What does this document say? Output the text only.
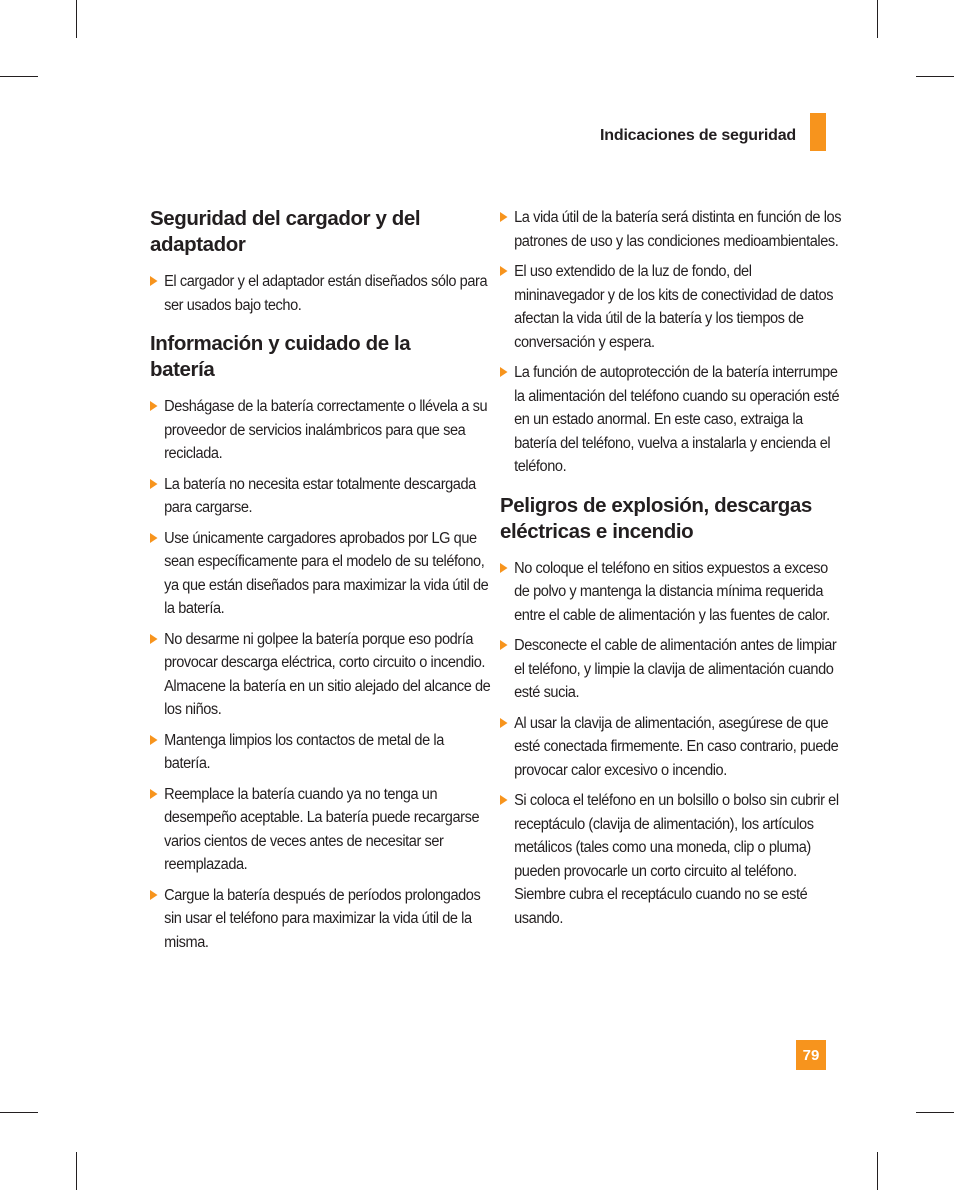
Indicaciones de seguridad
Seguridad del cargador y del adaptador
El cargador y el adaptador están diseñados sólo para ser usados bajo techo.
Información y cuidado de la batería
Deshágase de la batería correctamente o llévela a su proveedor de servicios inalámbricos para que sea reciclada.
La batería no necesita estar totalmente descargada para cargarse.
Use únicamente cargadores aprobados por LG que sean específicamente para el modelo de su teléfono, ya que están diseñados para maximizar la vida útil de la batería.
No desarme ni golpee la batería porque eso podría provocar descarga eléctrica, corto circuito o incendio. Almacene la batería en un sitio alejado del alcance de los niños.
Mantenga limpios los contactos de metal de la batería.
Reemplace la batería cuando ya no tenga un desempeño aceptable. La batería puede recargarse varios cientos de veces antes de necesitar ser reemplazada.
Cargue la batería después de períodos prolongados sin usar el teléfono para maximizar la vida útil de la misma.
La vida útil de la batería será distinta en función de los patrones de uso y las condiciones medioambientales.
El uso extendido de la luz de fondo, del mininavegador y de los kits de conectividad de datos afectan la vida útil de la batería y los tiempos de conversación y espera.
La función de autoprotección de la batería interrumpe la alimentación del teléfono cuando su operación esté en un estado anormal. En este caso, extraiga la batería del teléfono, vuelva a instalarla y encienda el teléfono.
Peligros de explosión, descargas eléctricas e incendio
No coloque el teléfono en sitios expuestos a exceso de polvo y mantenga la distancia mínima requerida entre el cable de alimentación y las fuentes de calor.
Desconecte el cable de alimentación antes de limpiar el teléfono, y limpie la clavija de alimentación cuando esté sucia.
Al usar la clavija de alimentación, asegúrese de que esté conectada firmemente. En caso contrario, puede provocar calor excesivo o incendio.
Si coloca el teléfono en un bolsillo o bolso sin cubrir el receptáculo (clavija de alimentación), los artículos metálicos (tales como una moneda, clip o pluma) pueden provocarle un corto circuito al teléfono. Siembre cubra el receptáculo cuando no se esté usando.
79
